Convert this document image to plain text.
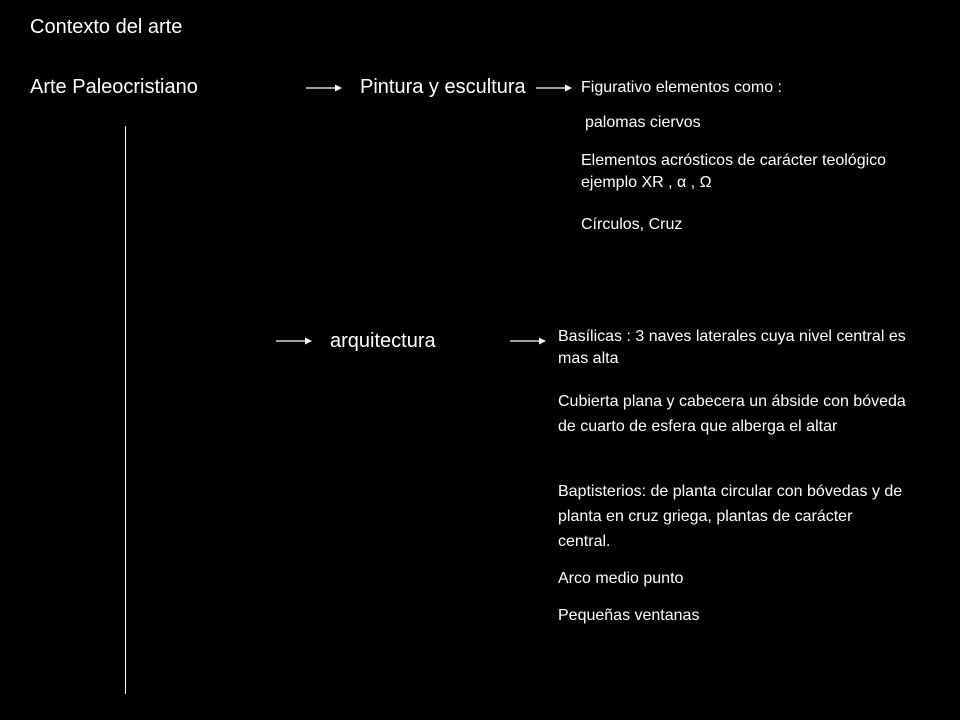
Contexto del arte
Arte Paleocristiano	Pintura y escultura	Figurativo elementos como :
palomas ciervos
Elementos acrósticos de carácter teológico ejemplo XR , α , Ω
Círculos, Cruz
arquitectura	Basílicas : 3 naves laterales cuya nivel central es mas alta
Cubierta plana y cabecera un ábside con bóveda de cuarto de esfera que alberga el altar
Baptisterios: de planta circular con bóvedas y de planta en cruz griega, plantas de carácter central.
Arco medio punto
Pequeñas ventanas
